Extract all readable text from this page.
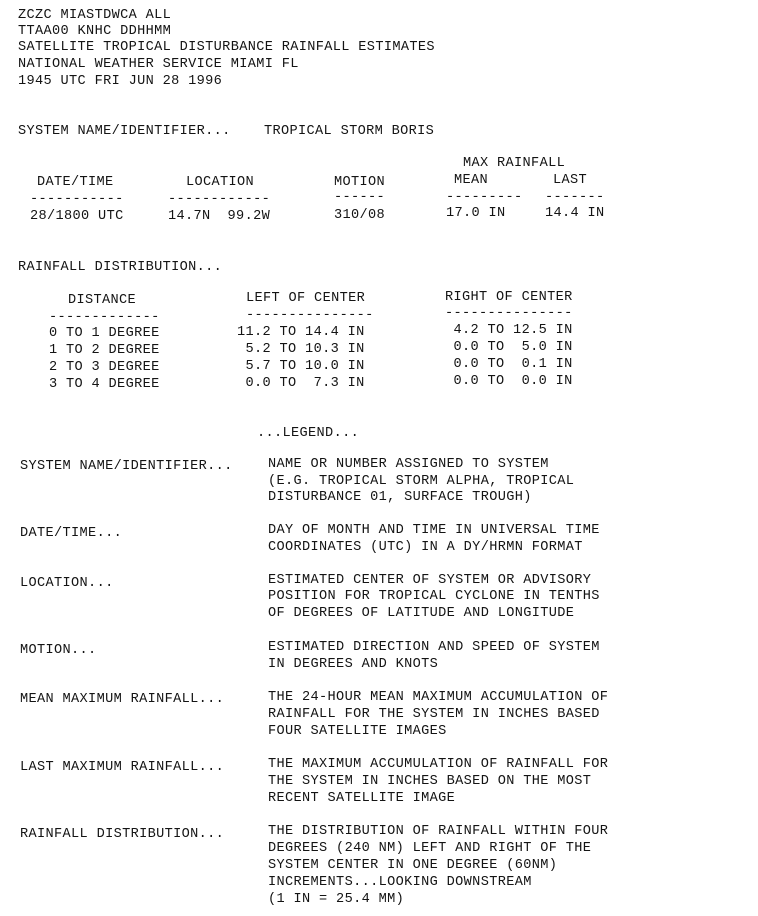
ZCZC MIASTDWCA ALL
TTAA00 KNHC DDHHMM
SATELLITE TROPICAL DISTURBANCE RAINFALL ESTIMATES
NATIONAL WEATHER SERVICE MIAMI FL
1945 UTC FRI JUN 28 1996
SYSTEM NAME/IDENTIFIER... TROPICAL STORM BORIS
MAX RAINFALL
DATE/TIME	LOCATION	MOTION	MEAN	LAST
-----------	------------	------	--------- -------
28/1800 UTC	14.7N  99.2W	310/08	17.0 IN	14.4 IN
RAINFALL DISTRIBUTION...
DISTANCE	LEFT OF CENTER	RIGHT OF CENTER
-------------	---------------	---------------
0 TO 1 DEGREE	11.2 TO 14.4 IN	4.2 TO 12.5 IN
1 TO 2 DEGREE	5.2 TO 10.3 IN	0.0 TO  5.0 IN
2 TO 3 DEGREE	5.7 TO 10.0 IN	0.0 TO  0.1 IN
3 TO 4 DEGREE	0.0 TO  7.3 IN	0.0 TO  0.0 IN
...LEGEND...
SYSTEM NAME/IDENTIFIER...	NAME OR NUMBER ASSIGNED TO SYSTEM
(E.G. TROPICAL STORM ALPHA, TROPICAL
DISTURBANCE 01, SURFACE TROUGH)
DATE/TIME...	DAY OF MONTH AND TIME IN UNIVERSAL TIME
COORDINATES (UTC) IN A DY/HRMN FORMAT
LOCATION...	ESTIMATED CENTER OF SYSTEM OR ADVISORY
POSITION FOR TROPICAL CYCLONE IN TENTHS
OF DEGREES OF LATITUDE AND LONGITUDE
MOTION...	ESTIMATED DIRECTION AND SPEED OF SYSTEM
IN DEGREES AND KNOTS
MEAN MAXIMUM RAINFALL...	THE 24-HOUR MEAN MAXIMUM ACCUMULATION OF
RAINFALL FOR THE SYSTEM IN INCHES BASED
FOUR SATELLITE IMAGES
LAST MAXIMUM RAINFALL...	THE MAXIMUM ACCUMULATION OF RAINFALL FOR
THE SYSTEM IN INCHES BASED ON THE MOST
RECENT SATELLITE IMAGE
RAINFALL DISTRIBUTION...	THE DISTRIBUTION OF RAINFALL WITHIN FOUR
DEGREES (240 NM) LEFT AND RIGHT OF THE
SYSTEM CENTER IN ONE DEGREE (60NM)
INCREMENTS...LOOKING DOWNSTREAM
(1 IN = 25.4 MM)
